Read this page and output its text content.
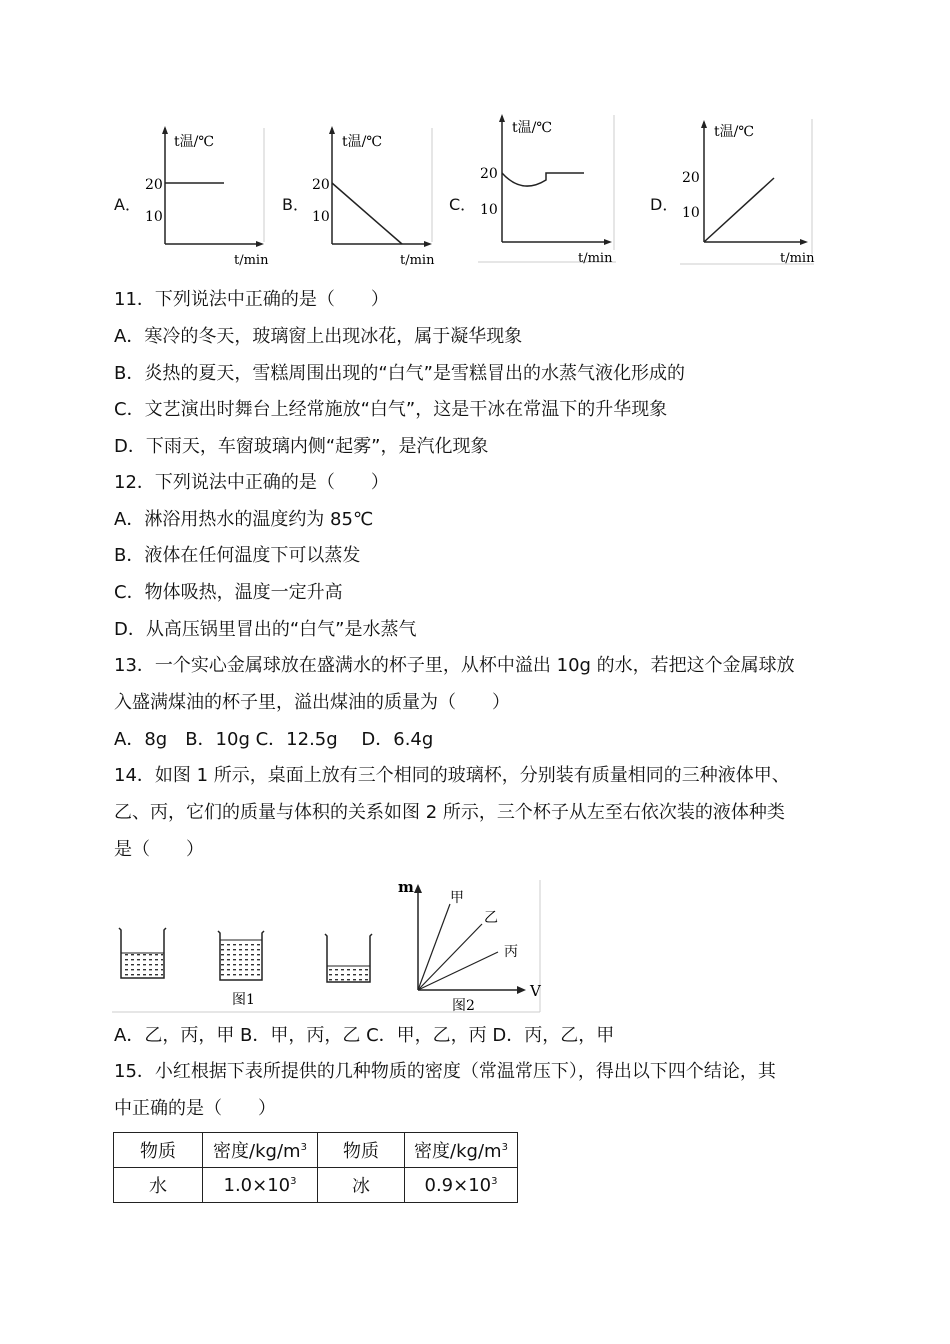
A．
t温/℃
20
10
t/min
B．
t温/℃
20
10
t/min
C．
t温/℃
20
10
t/min
D．
t温/℃
20
10
t/min
11．下列说法中正确的是（　　）
A．寒冷的冬天，玻璃窗上出现冰花，属于凝华现象
B．炎热的夏天，雪糕周围出现的“白气”是雪糕冒出的水蒸气液化形成的
C．文艺演出时舞台上经常施放“白气”，这是干冰在常温下的升华现象
D．下雨天，车窗玻璃内侧“起雾”，是汽化现象
12．下列说法中正确的是（　　）
A．淋浴用热水的温度约为 85℃
B．液体在任何温度下可以蒸发
C．物体吸热，温度一定升高
D．从高压锅里冒出的“白气”是水蒸气
13．一个实心金属球放在盛满水的杯子里，从杯中溢出 10g 的水，若把这个金属球放
入盛满煤油的杯子里，溢出煤油的质量为（　　）
A．8g　B．10g C．12.5g　 D．6.4g
14．如图 1 所示，桌面上放有三个相同的玻璃杯，分别装有质量相同的三种液体甲、
乙、丙，它们的质量与体积的关系如图 2 所示，三个杯子从左至右依次装的液体种类
是（　　）
图1
m
V
甲
乙
丙
图2
A．乙，丙，甲 B．甲，丙，乙 C．甲，乙，丙 D．丙，乙，甲
15．小红根据下表所提供的几种物质的密度（常温常压下），得出以下四个结论，其
中正确的是（　　）
物质	密度$/kg/m^3$	物质	密度$/kg/m^3$
水	$1.0\times 10^3$	冰	$0.9\times 10^3$
